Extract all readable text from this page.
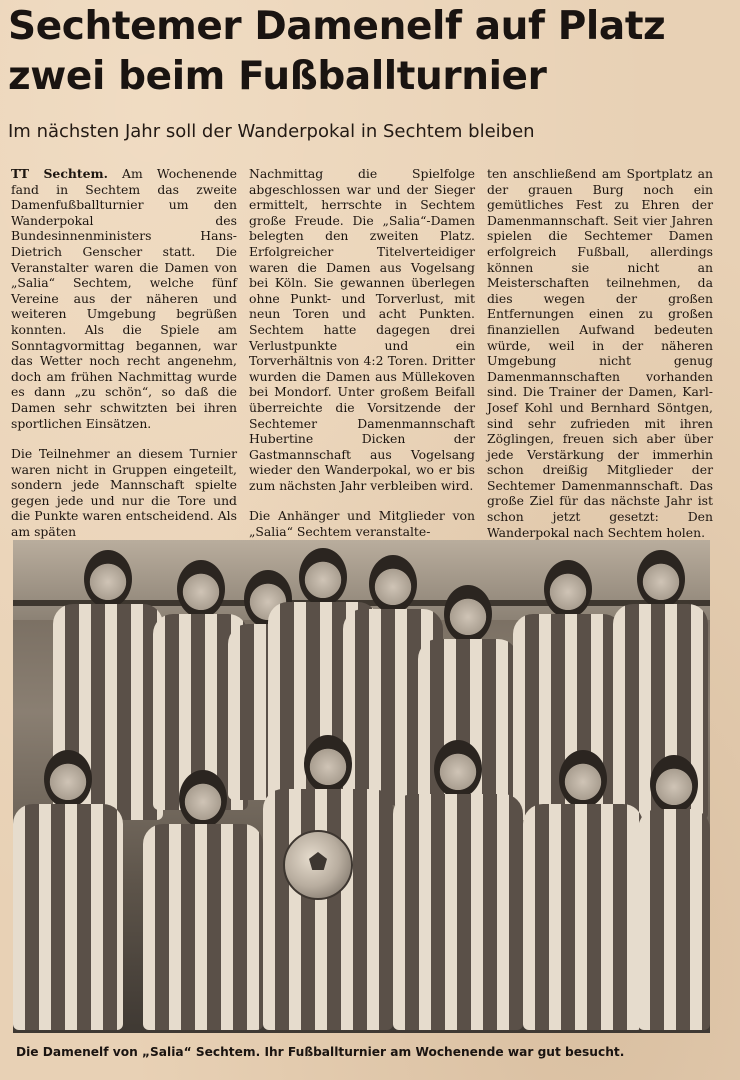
Sechtemer Damenelf auf Platz zwei beim Fußballturnier
Im nächsten Jahr soll der Wanderpokal in Sechtem bleiben

TT Sechtem. Am Wochenende fand in Sechtem das zweite Damenfußballturnier um den Wanderpokal des Bundesinnenministers Hans-Dietrich Genscher statt. Die Veranstalter waren die Damen von „Salia“ Sechtem, welche fünf Vereine aus der näheren und weiteren Umgebung begrüßen konnten. Als die Spiele am Sonntagvormittag begannen, war das Wetter noch recht angenehm, doch am frühen Nachmittag wurde es dann „zu schön“, so daß die Damen sehr schwitzten bei ihren sportlichen Einsätzen.

Die Teilnehmer an diesem Turnier waren nicht in Gruppen eingeteilt, sondern jede Mannschaft spielte gegen jede und nur die Tore und die Punkte waren entscheidend. Als am späten

Nachmittag die Spielfolge abgeschlossen war und der Sieger ermittelt, herrschte in Sechtem große Freude. Die „Salia“-Damen belegten den zweiten Platz. Erfolgreicher Titelverteidiger waren die Damen aus Vogelsang bei Köln. Sie gewannen überlegen ohne Punkt- und Torverlust, mit neun Toren und acht Punkten. Sechtem hatte dagegen drei Verlustpunkte und ein Torverhältnis von 4:2 Toren. Dritter wurden die Damen aus Müllekoven bei Mondorf. Unter großem Beifall überreichte die Vorsitzende der Sechtemer Damenmannschaft Hubertine Dicken der Gastmannschaft aus Vogelsang wieder den Wanderpokal, wo er bis zum nächsten Jahr verbleiben wird.

Die Anhänger und Mitglieder von „Salia“ Sechtem veranstalte-

ten anschließend am Sportplatz an der grauen Burg noch ein gemütliches Fest zu Ehren der Damenmannschaft. Seit vier Jahren spielen die Sechtemer Damen erfolgreich Fußball, allerdings können sie nicht an Meisterschaften teilnehmen, da dies wegen der großen Entfernungen einen zu großen finanziellen Aufwand bedeuten würde, weil in der näheren Umgebung nicht genug Damenmannschaften vorhanden sind. Die Trainer der Damen, Karl-Josef Kohl und Bernhard Söntgen, sind sehr zufrieden mit ihren Zöglingen, freuen sich aber über jede Verstärkung der immerhin schon dreißig Mitglieder der Sechtemer Damenmannschaft. Das große Ziel für das nächste Jahr ist schon jetzt gesetzt: Den Wanderpokal nach Sechtem holen.

Die Damenelf von „Salia“ Sechtem. Ihr Fußballturnier am Wochenende war gut besucht.
